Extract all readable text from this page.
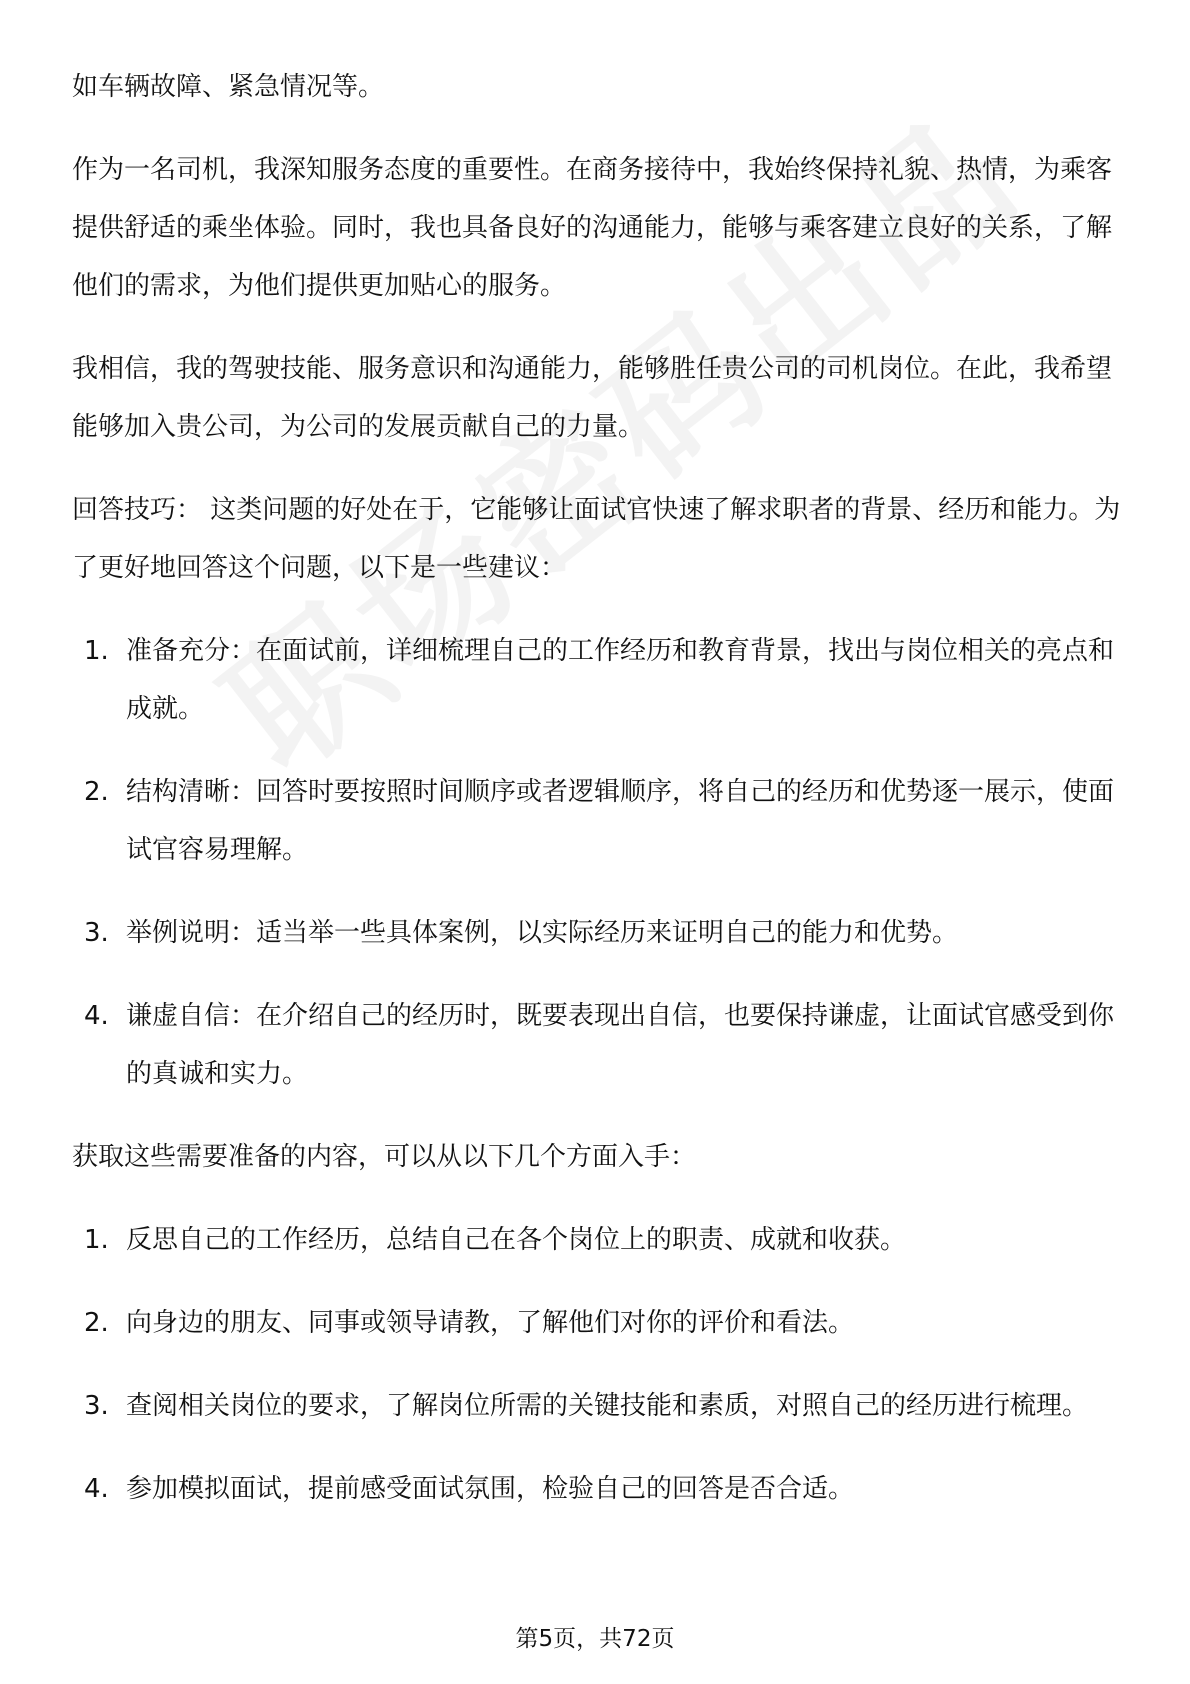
如车辆故障、紧急情况等。

作为一名司机，我深知服务态度的重要性。在商务接待中，我始终保持礼貌、热情，为乘客提供舒适的乘坐体验。同时，我也具备良好的沟通能力，能够与乘客建立良好的关系，了解他们的需求，为他们提供更加贴心的服务。

我相信，我的驾驶技能、服务意识和沟通能力，能够胜任贵公司的司机岗位。在此，我希望能够加入贵公司，为公司的发展贡献自己的力量。

回答技巧： 这类问题的好处在于，它能够让面试官快速了解求职者的背景、经历和能力。为了更好地回答这个问题，以下是一些建议：

1. 准备充分：在面试前，详细梳理自己的工作经历和教育背景，找出与岗位相关的亮点和成就。
2. 结构清晰：回答时要按照时间顺序或者逻辑顺序，将自己的经历和优势逐一展示，使面试官容易理解。
3. 举例说明：适当举一些具体案例，以实际经历来证明自己的能力和优势。
4. 谦虚自信：在介绍自己的经历时，既要表现出自信，也要保持谦虚，让面试官感受到你的真诚和实力。

获取这些需要准备的内容，可以从以下几个方面入手：

1. 反思自己的工作经历，总结自己在各个岗位上的职责、成就和收获。
2. 向身边的朋友、同事或领导请教，了解他们对你的评价和看法。
3. 查阅相关岗位的要求，了解岗位所需的关键技能和素质，对照自己的经历进行梳理。
4. 参加模拟面试，提前感受面试氛围，检验自己的回答是否合适。
第5页，共72页
